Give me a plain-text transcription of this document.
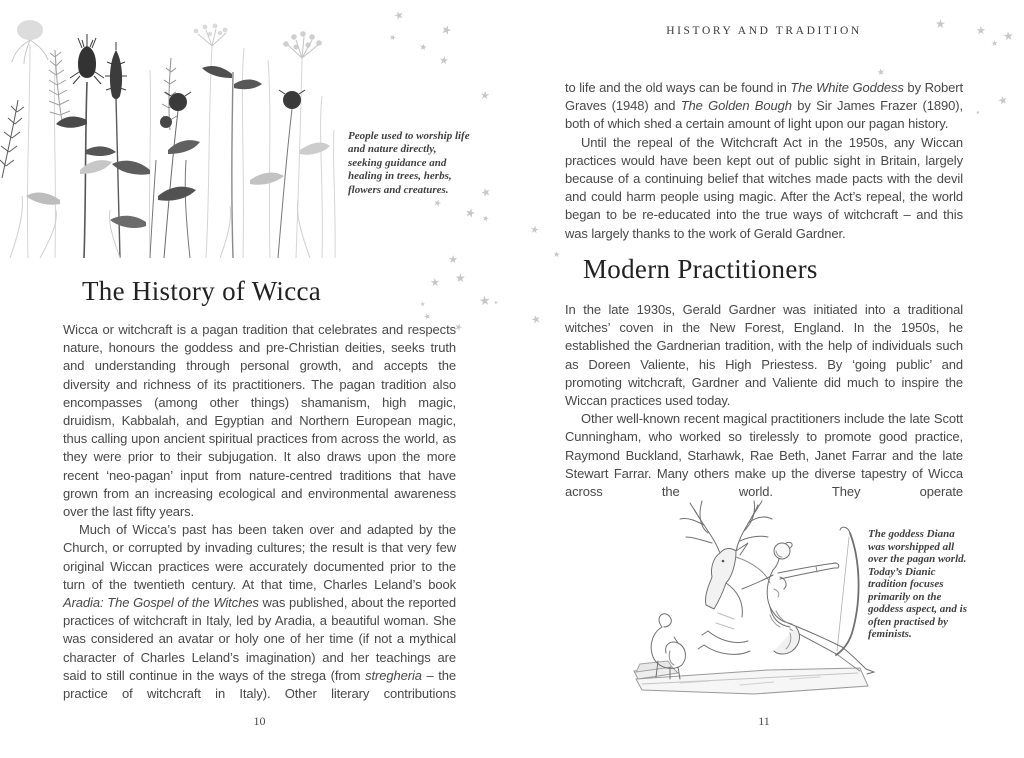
People used to worship life and nature directly, seeking guidance and healing in trees, herbs, flowers and creatures.
The History of Wicca

Wicca or witchcraft is a pagan tradition that celebrates and respects nature, honours the goddess and pre-Christian deities, seeks truth and understanding through personal growth, and accepts the diversity and richness of its practitioners. The pagan tradition also encompasses (among other things) shamanism, high magic, druidism, Kabbalah, and Egyptian and Northern European magic, thus calling upon ancient spiritual practices from across the world, as they were prior to their subjugation. It also draws upon the more recent ‘neo-pagan’ input from nature-centred traditions that have grown from an increasing ecological and environmental awareness over the last fifty years.

Much of Wicca’s past has been taken over and adapted by the Church, or corrupted by invading cultures; the result is that very few original Wiccan practices were accurately documented prior to the turn of the twentieth century. At that time, Charles Leland’s book Aradia: The Gospel of the Witches was published, about the reported practices of witchcraft in Italy, led by Aradia, a beautiful woman. She was considered an avatar or holy one of her time (if not a mythical character of Charles Leland’s imagination) and her teachings are said to still continue in the ways of the strega (from stregheria – the practice of witchcraft in Italy). Other literary contributions

10
HISTORY AND TRADITION

to life and the old ways can be found in The White Goddess by Robert Graves (1948) and The Golden Bough by Sir James Frazer (1890), both of which shed a certain amount of light upon our pagan history.

Until the repeal of the Witchcraft Act in the 1950s, any Wiccan practices would have been kept out of public sight in Britain, largely because of a continuing belief that witches made pacts with the devil and could harm people using magic. After the Act’s repeal, the world began to be re-educated into the true ways of witchcraft – and this was largely thanks to the work of Gerald Gardner.

Modern Practitioners

In the late 1930s, Gerald Gardner was initiated into a traditional witches’ coven in the New Forest, England. In the 1950s, he established the Gardnerian tradition, with the help of individuals such as Doreen Valiente, his High Priestess. By ‘going public’ and promoting witchcraft, Gardner and Valiente did much to inspire the Wiccan practices used today.

Other well-known recent magical practitioners include the late Scott Cunningham, who worked so tirelessly to promote good practice, Raymond Buckland, Starhawk, Rae Beth, Janet Farrar and the late Stewart Farrar. Many others make up the diverse tapestry of Wicca across the world. They operate

The goddess Diana was worshipped all over the pagan world. Today’s Dianic tradition focuses primarily on the goddess aspect, and is often practised by feminists.
11
★
★
★
★
★
★
★	★ ★
★
★
★
★
★
★
★ ★
★
★
★
★
★
★
★	★
★
★
★
